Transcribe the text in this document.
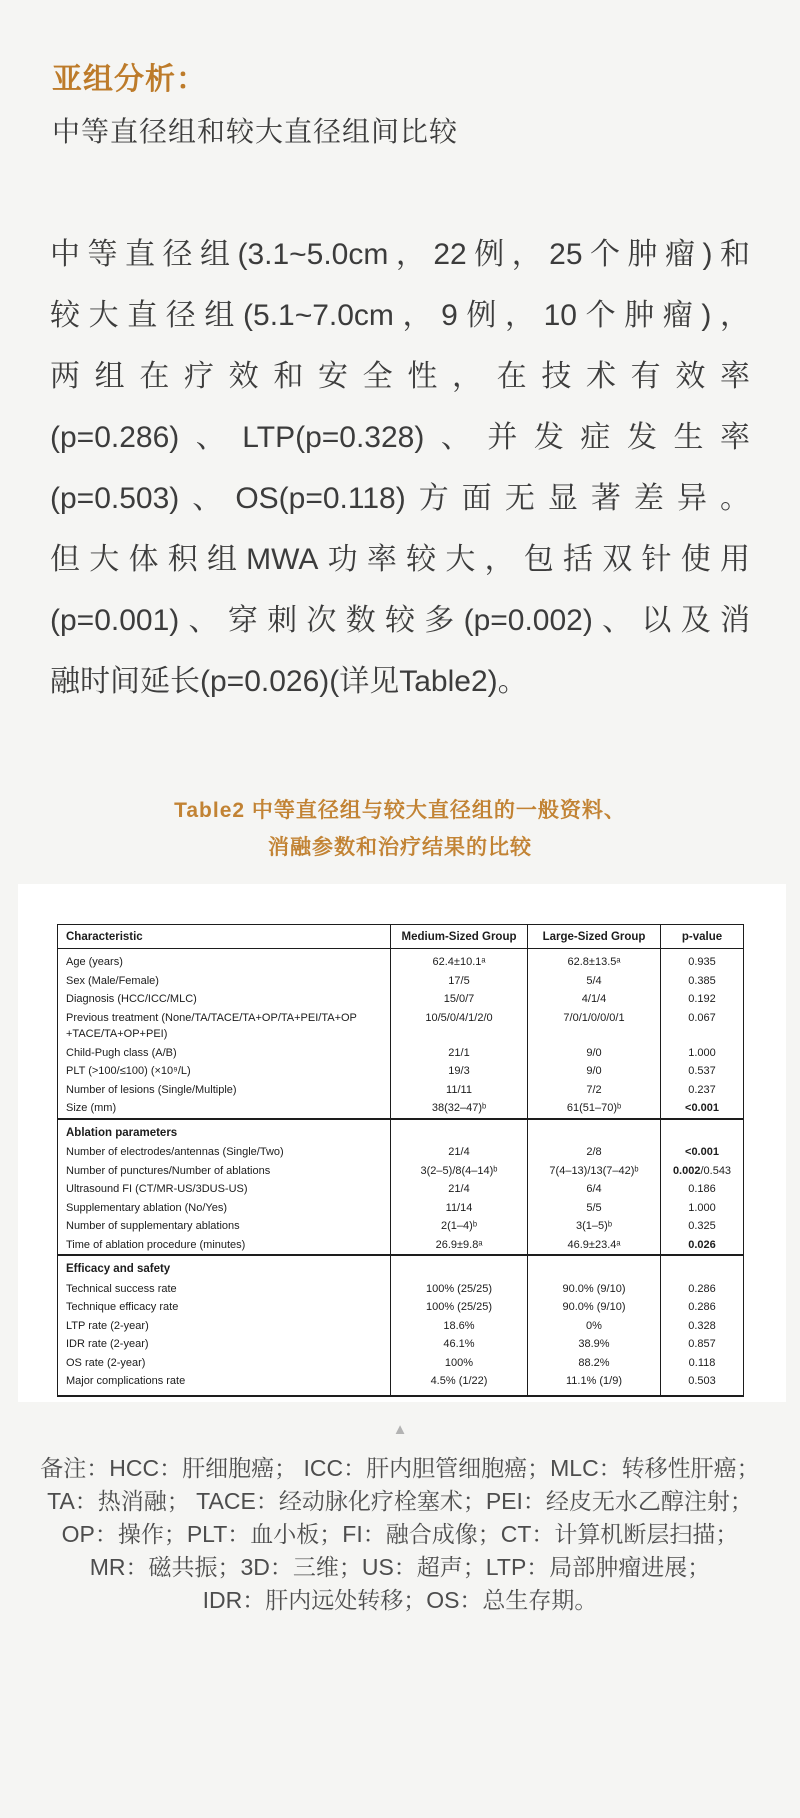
亚组分析：
中等直径组和较大直径组间比较
中等直径组(3.1~5.0cm，22例，25个肿瘤)和
较大直径组(5.1~7.0cm，9例，10个肿瘤)，
两组在疗效和安全性，在技术有效率
(p=0.286)、LTP(p=0.328)、并发症发生率
(p=0.503)、OS(p=0.118)方面无显著差异。
但大体积组MWA功率较大，包括双针使用
(p=0.001)、穿刺次数较多(p=0.002)、以及消
融时间延长(p=0.026)(详见Table2)。
Table2 中等直径组与较大直径组的一般资料、
消融参数和治疗结果的比较
Characteristic	Medium-Sized Group	Large-Sized Group	p-value
Age (years)	62.4±10.1ᵃ	62.8±13.5ᵃ	0.935
Sex (Male/Female)	17/5	5/4	0.385
Diagnosis (HCC/ICC/MLC)	15/0/7	4/1/4	0.192
Previous treatment (None/TA/TACE/TA+OP/TA+PEI/TA+OP +TACE/TA+OP+PEI)	10/5/0/4/1/2/0	7/0/1/0/0/0/1	0.067
Child-Pugh class (A/B)	21/1	9/0	1.000
PLT (>100/≤100) (×10⁹/L)	19/3	9/0	0.537
Number of lesions (Single/Multiple)	11/11	7/2	0.237
Size (mm)	38(32–47)ᵇ	61(51–70)ᵇ	<0.001
Ablation parameters			
Number of electrodes/antennas (Single/Two)	21/4	2/8	<0.001
Number of punctures/Number of ablations	3(2–5)/8(4–14)ᵇ	7(4–13)/13(7–42)ᵇ	0.002/0.543
Ultrasound FI (CT/MR-US/3DUS-US)	21/4	6/4	0.186
Supplementary ablation (No/Yes)	11/14	5/5	1.000
Number of supplementary ablations	2(1–4)ᵇ	3(1–5)ᵇ	0.325
Time of ablation procedure (minutes)	26.9±9.8ᵃ	46.9±23.4ᵃ	0.026
Efficacy and safety			
Technical success rate	100% (25/25)	90.0% (9/10)	0.286
Technique efficacy rate	100% (25/25)	90.0% (9/10)	0.286
LTP rate (2-year)	18.6%	0%	0.328
IDR rate (2-year)	46.1%	38.9%	0.857
OS rate (2-year)	100%	88.2%	0.118
Major complications rate	4.5% (1/22)	11.1% (1/9)	0.503
▲
备注：HCC：肝细胞癌； ICC：肝内胆管细胞癌；MLC：转移性肝癌；
TA：热消融； TACE：经动脉化疗栓塞术；PEI：经皮无水乙醇注射；
OP：操作；PLT：血小板；FI：融合成像；CT：计算机断层扫描；
MR：磁共振；3D：三维；US：超声；LTP：局部肿瘤进展；
IDR：肝内远处转移；OS：总生存期。
